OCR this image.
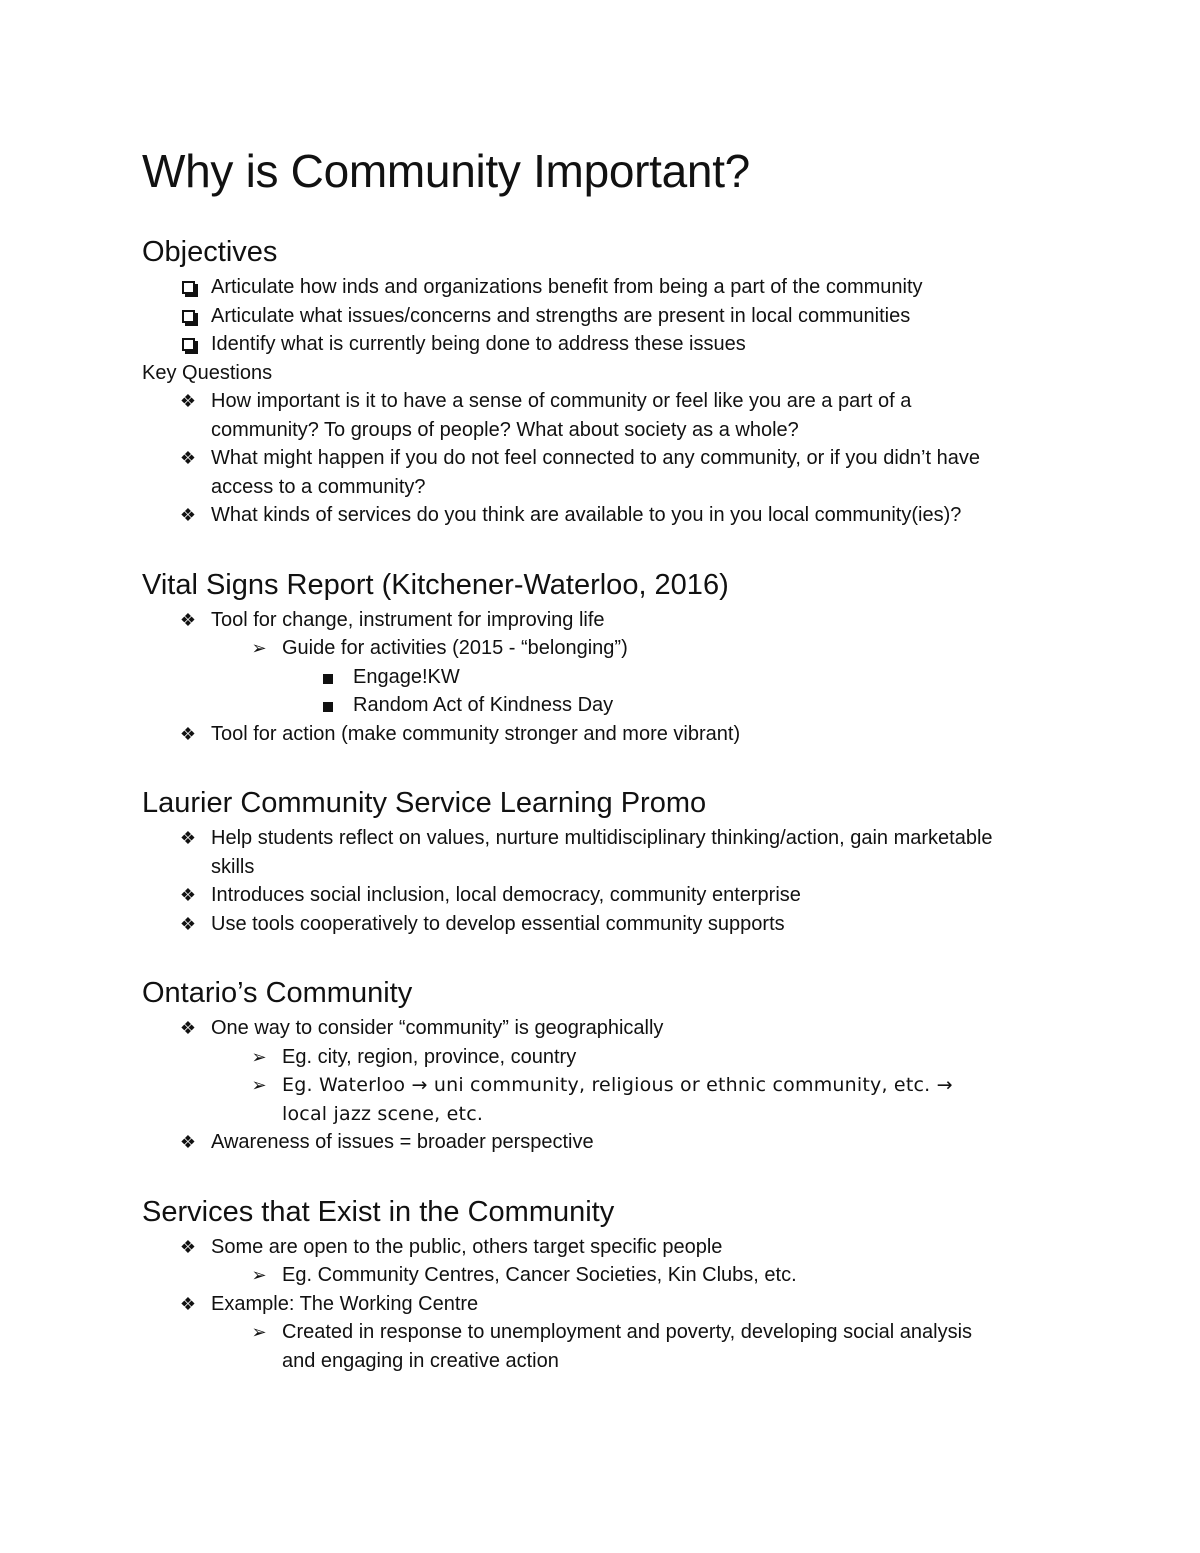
Why is Community Important?
Objectives
Articulate how inds and organizations benefit from being a part of the community
Articulate what issues/concerns and strengths are present in local communities
Identify what is currently being done to address these issues
Key Questions
❖ How important is it to have a sense of community or feel like you are a part of a
community? To groups of people? What about society as a whole?
❖ What might happen if you do not feel connected to any community, or if you didn’t have
access to a community?
❖ What kinds of services do you think are available to you in you local community(ies)?
Vital Signs Report (Kitchener-Waterloo, 2016)
❖ Tool for change, instrument for improving life
➢ Guide for activities (2015 - “belonging”)
Engage!KW
Random Act of Kindness Day
❖ Tool for action (make community stronger and more vibrant)
Laurier Community Service Learning Promo
❖ Help students reflect on values, nurture multidisciplinary thinking/action, gain marketable
skills
❖ Introduces social inclusion, local democracy, community enterprise
❖ Use tools cooperatively to develop essential community supports
Ontario’s Community
❖ One way to consider “community” is geographically
➢ Eg. city, region, province, country
➢ Eg. Waterloo → uni community, religious or ethnic community, etc. →
local jazz scene, etc.
❖ Awareness of issues = broader perspective
Services that Exist in the Community
❖ Some are open to the public, others target specific people
➢ Eg. Community Centres, Cancer Societies, Kin Clubs, etc.
❖ Example: The Working Centre
➢ Created in response to unemployment and poverty, developing social analysis
and engaging in creative action
